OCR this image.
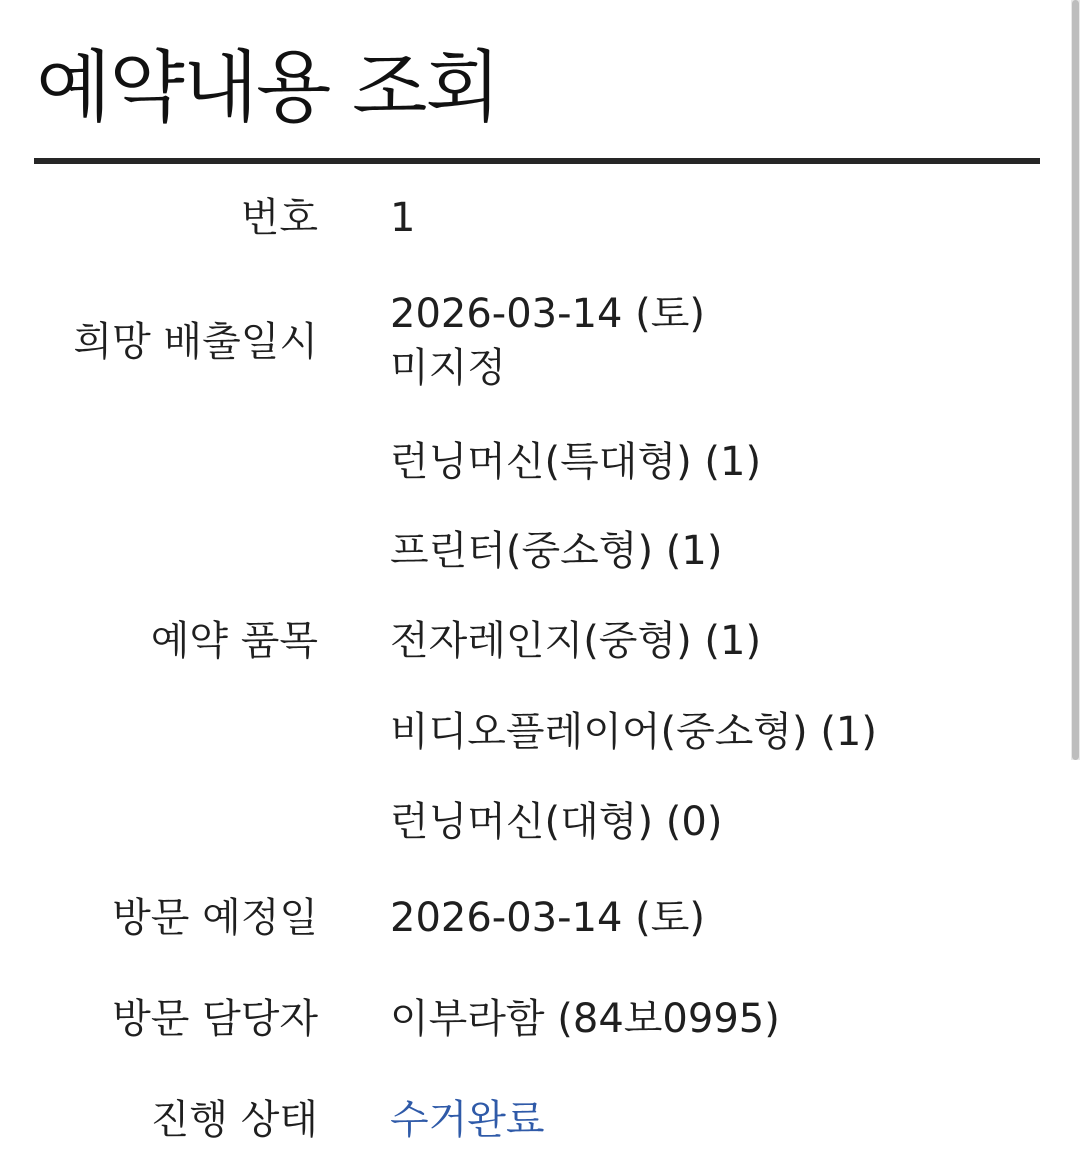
예약내용 조회
번호 1
희망 배출일시
2026-03-14 (토)
미지정
예약 품목
런닝머신(특대형) (1)
프린터(중소형) (1)
전자레인지(중형) (1)
비디오플레이어(중소형) (1)
런닝머신(대형) (0)
방문 예정일 2026-03-14 (토)
방문 담당자 이부라함 (84보0995)
진행 상태 수거완료
